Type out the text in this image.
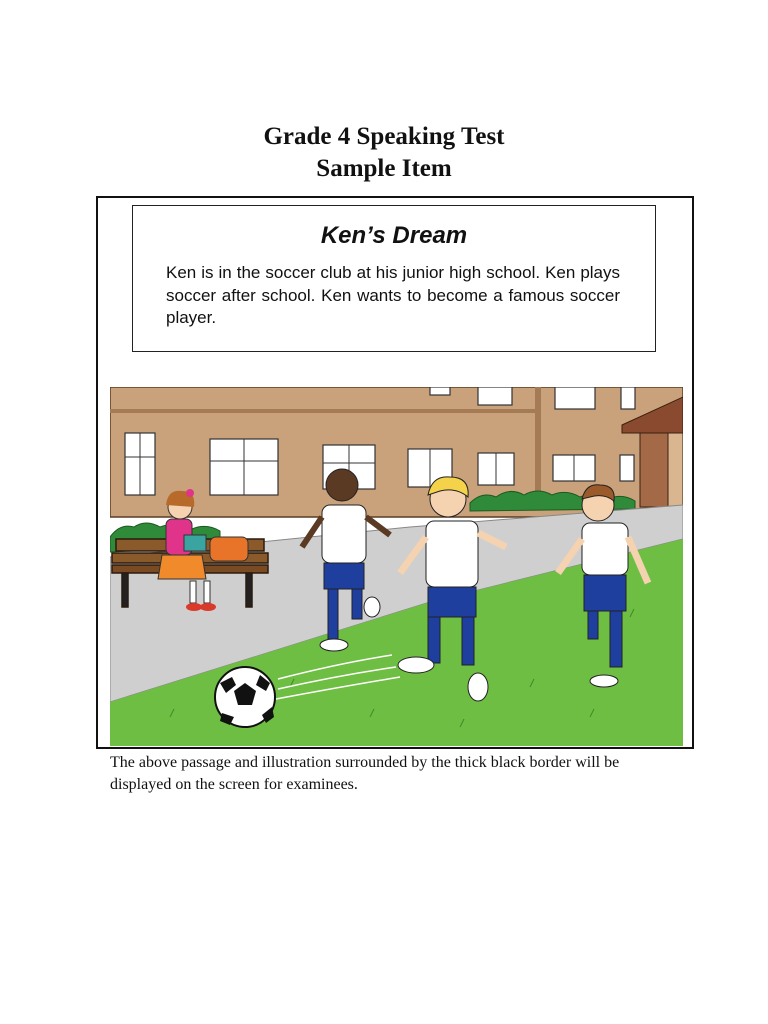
Grade 4 Speaking Test
Sample Item
Ken’s Dream
Ken is in the soccer club at his junior high school. Ken plays soccer after school. Ken wants to become a famous soccer player.
The above passage and illustration surrounded by the thick black border will be displayed on the screen for examinees.
